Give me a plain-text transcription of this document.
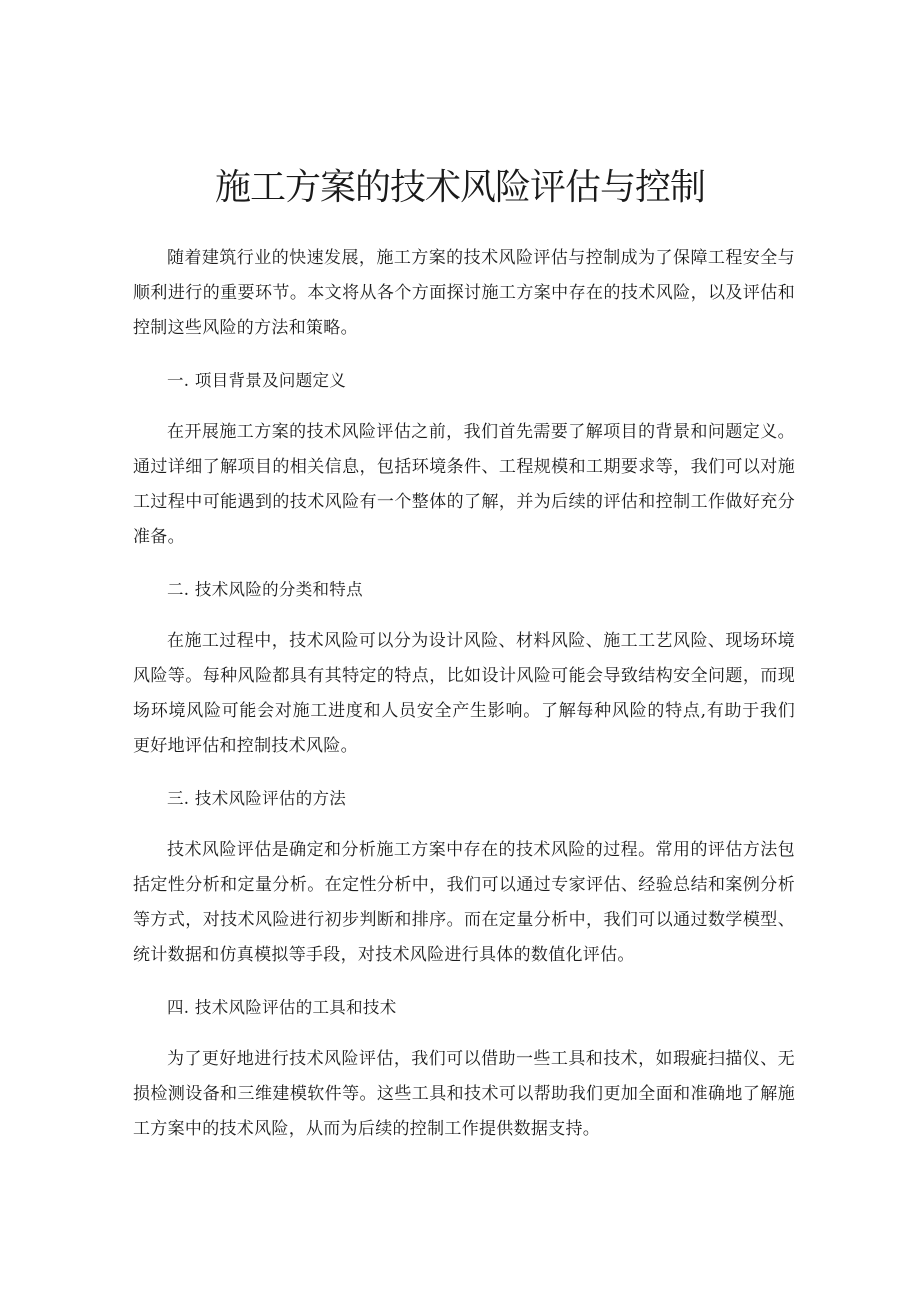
施工方案的技术风险评估与控制

随着建筑行业的快速发展，施工方案的技术风险评估与控制成为了保障工程安全与顺利进行的重要环节。本文将从各个方面探讨施工方案中存在的技术风险，以及评估和控制这些风险的方法和策略。

一. 项目背景及问题定义

在开展施工方案的技术风险评估之前，我们首先需要了解项目的背景和问题定义。通过详细了解项目的相关信息，包括环境条件、工程规模和工期要求等，我们可以对施工过程中可能遇到的技术风险有一个整体的了解，并为后续的评估和控制工作做好充分准备。

二. 技术风险的分类和特点

在施工过程中，技术风险可以分为设计风险、材料风险、施工工艺风险、现场环境风险等。每种风险都具有其特定的特点，比如设计风险可能会导致结构安全问题，而现场环境风险可能会对施工进度和人员安全产生影响。了解每种风险的特点,有助于我们更好地评估和控制技术风险。

三. 技术风险评估的方法

技术风险评估是确定和分析施工方案中存在的技术风险的过程。常用的评估方法包括定性分析和定量分析。在定性分析中，我们可以通过专家评估、经验总结和案例分析等方式，对技术风险进行初步判断和排序。而在定量分析中，我们可以通过数学模型、统计数据和仿真模拟等手段，对技术风险进行具体的数值化评估。

四. 技术风险评估的工具和技术

为了更好地进行技术风险评估，我们可以借助一些工具和技术，如瑕疵扫描仪、无损检测设备和三维建模软件等。这些工具和技术可以帮助我们更加全面和准确地了解施工方案中的技术风险，从而为后续的控制工作提供数据支持。
